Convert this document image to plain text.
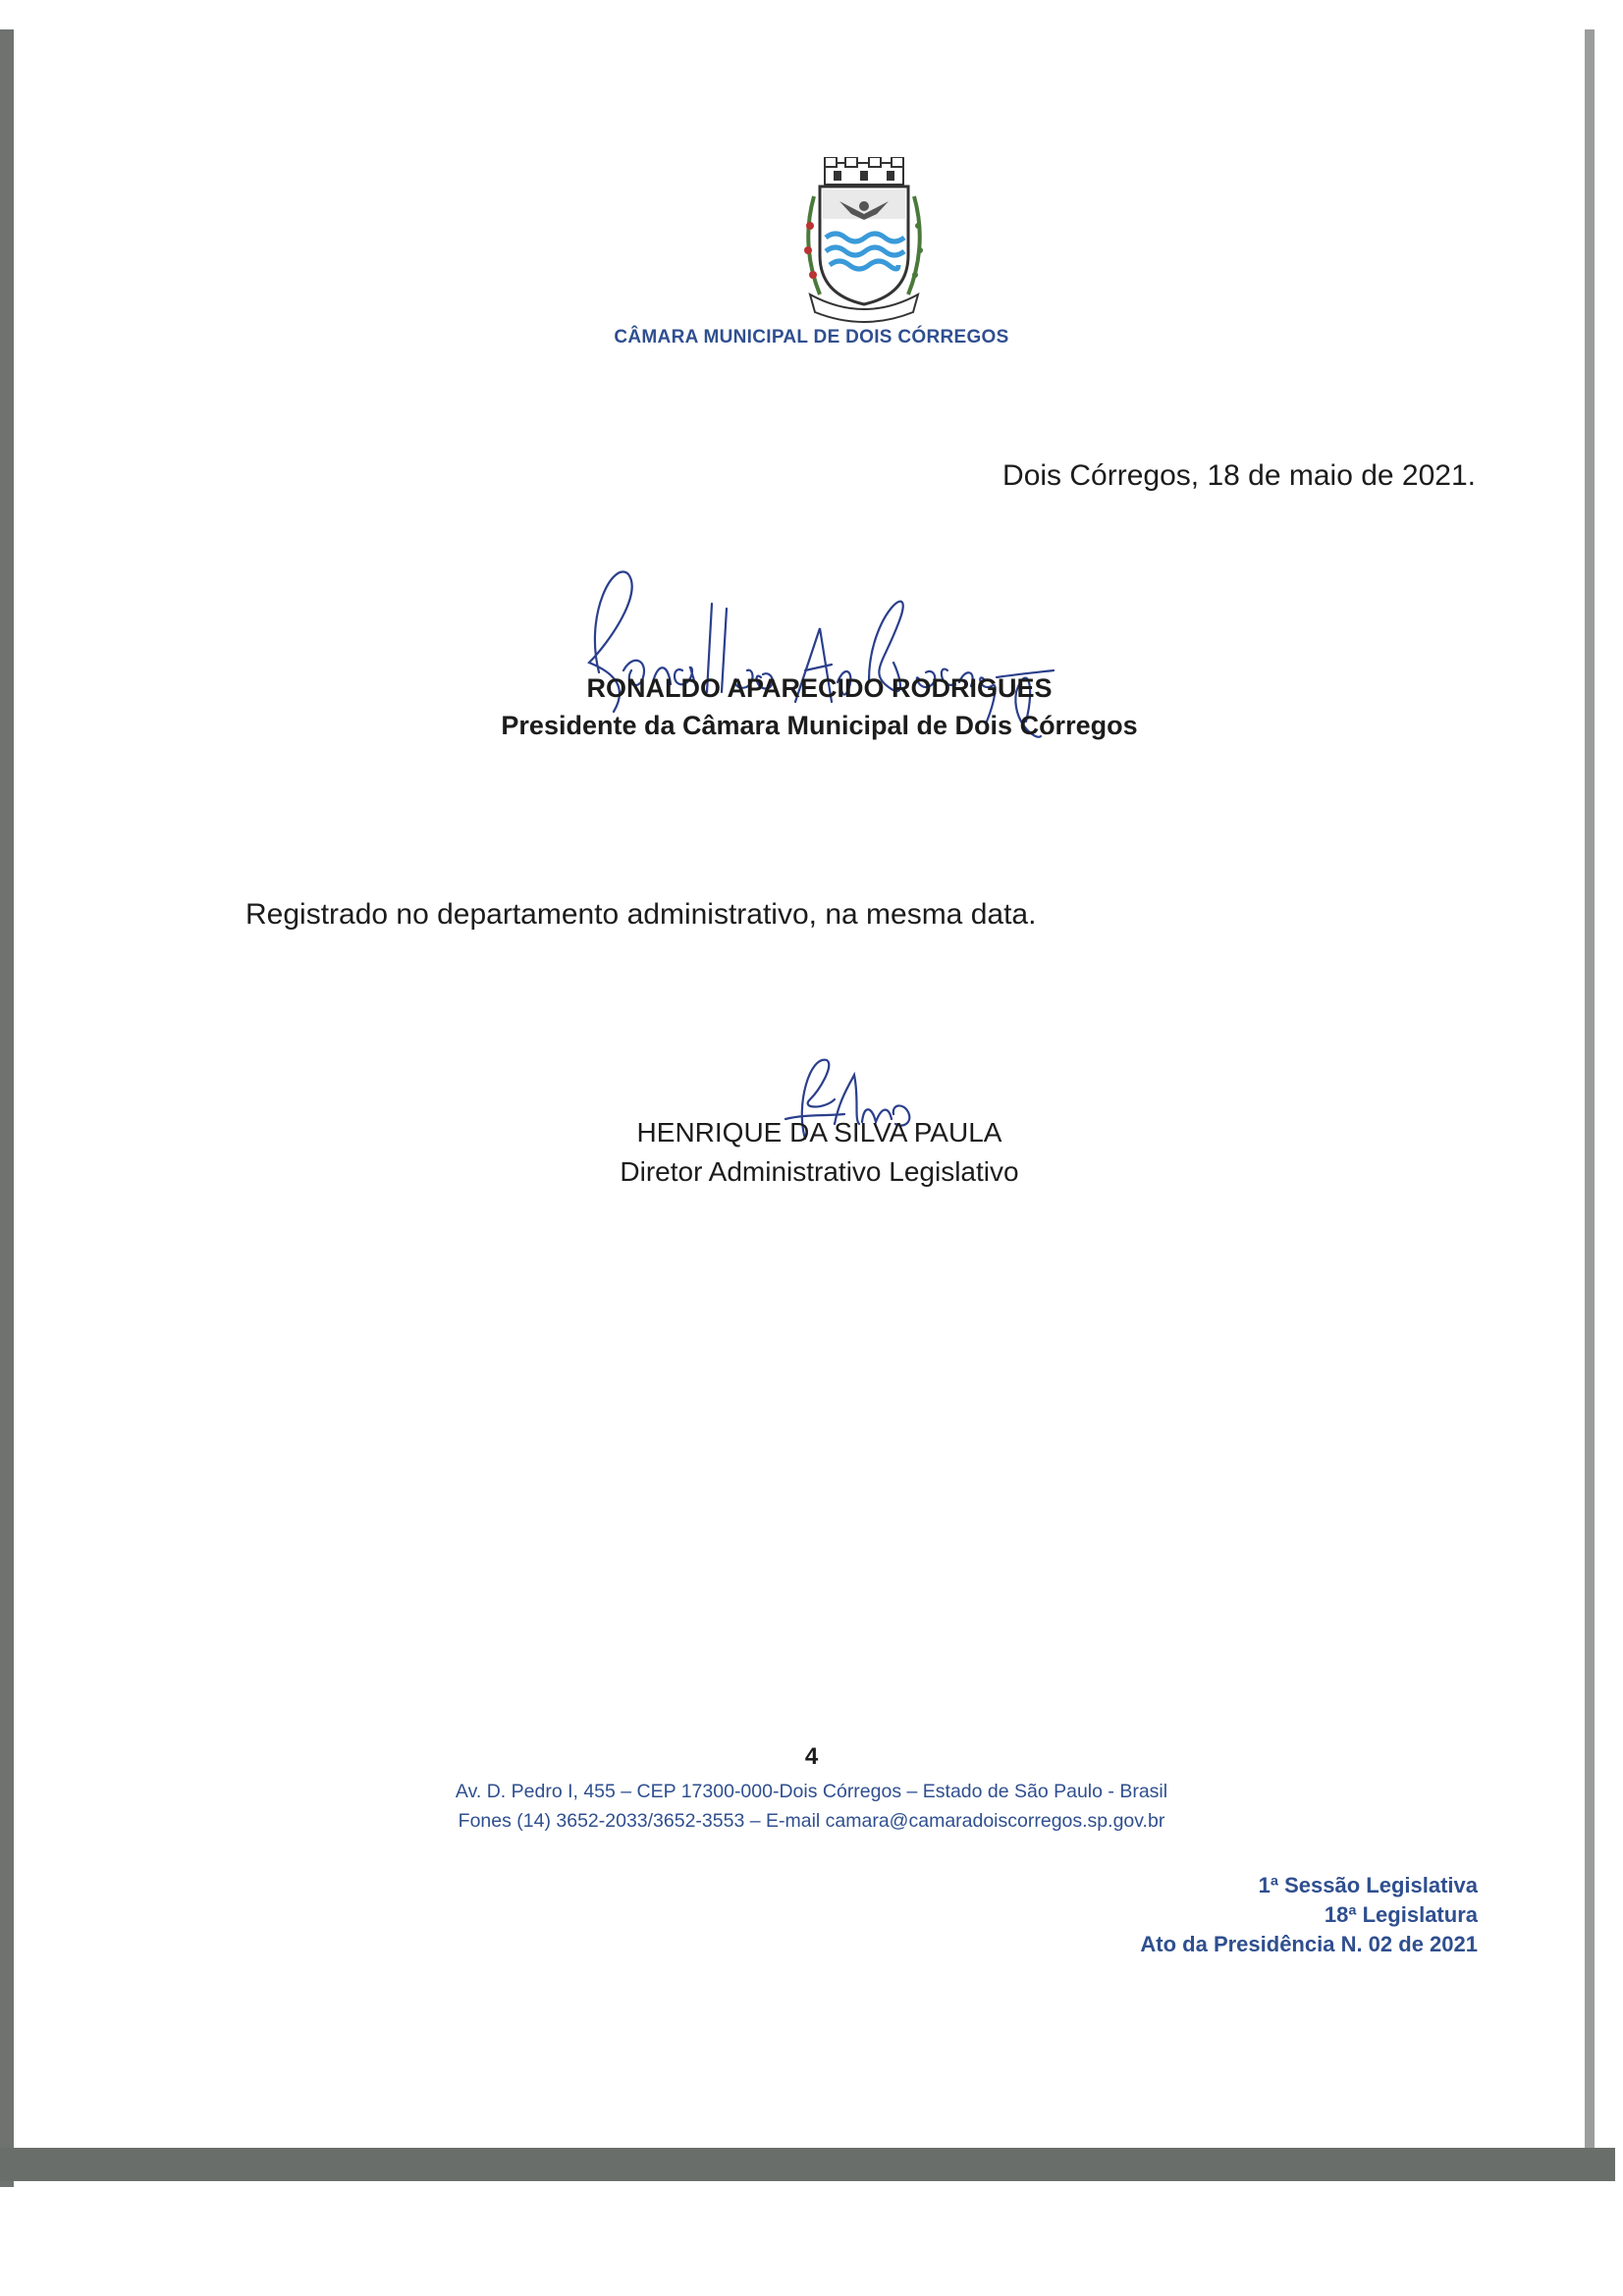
CÂMARA MUNICIPAL DE DOIS CÓRREGOS
Dois Córregos, 18 de maio de 2021.
RONALDO APARECIDO RODRIGUES
Presidente da Câmara Municipal de Dois Córregos
Registrado no departamento administrativo, na mesma data.
HENRIQUE DA SILVA PAULA
Diretor Administrativo Legislativo
4
Av. D. Pedro I, 455 – CEP 17300-000-Dois Córregos – Estado de São Paulo - Brasil
Fones (14) 3652-2033/3652-3553 – E-mail camara@camaradoiscorregos.sp.gov.br
1ª Sessão Legislativa
18ª Legislatura
Ato da Presidência N. 02 de 2021
